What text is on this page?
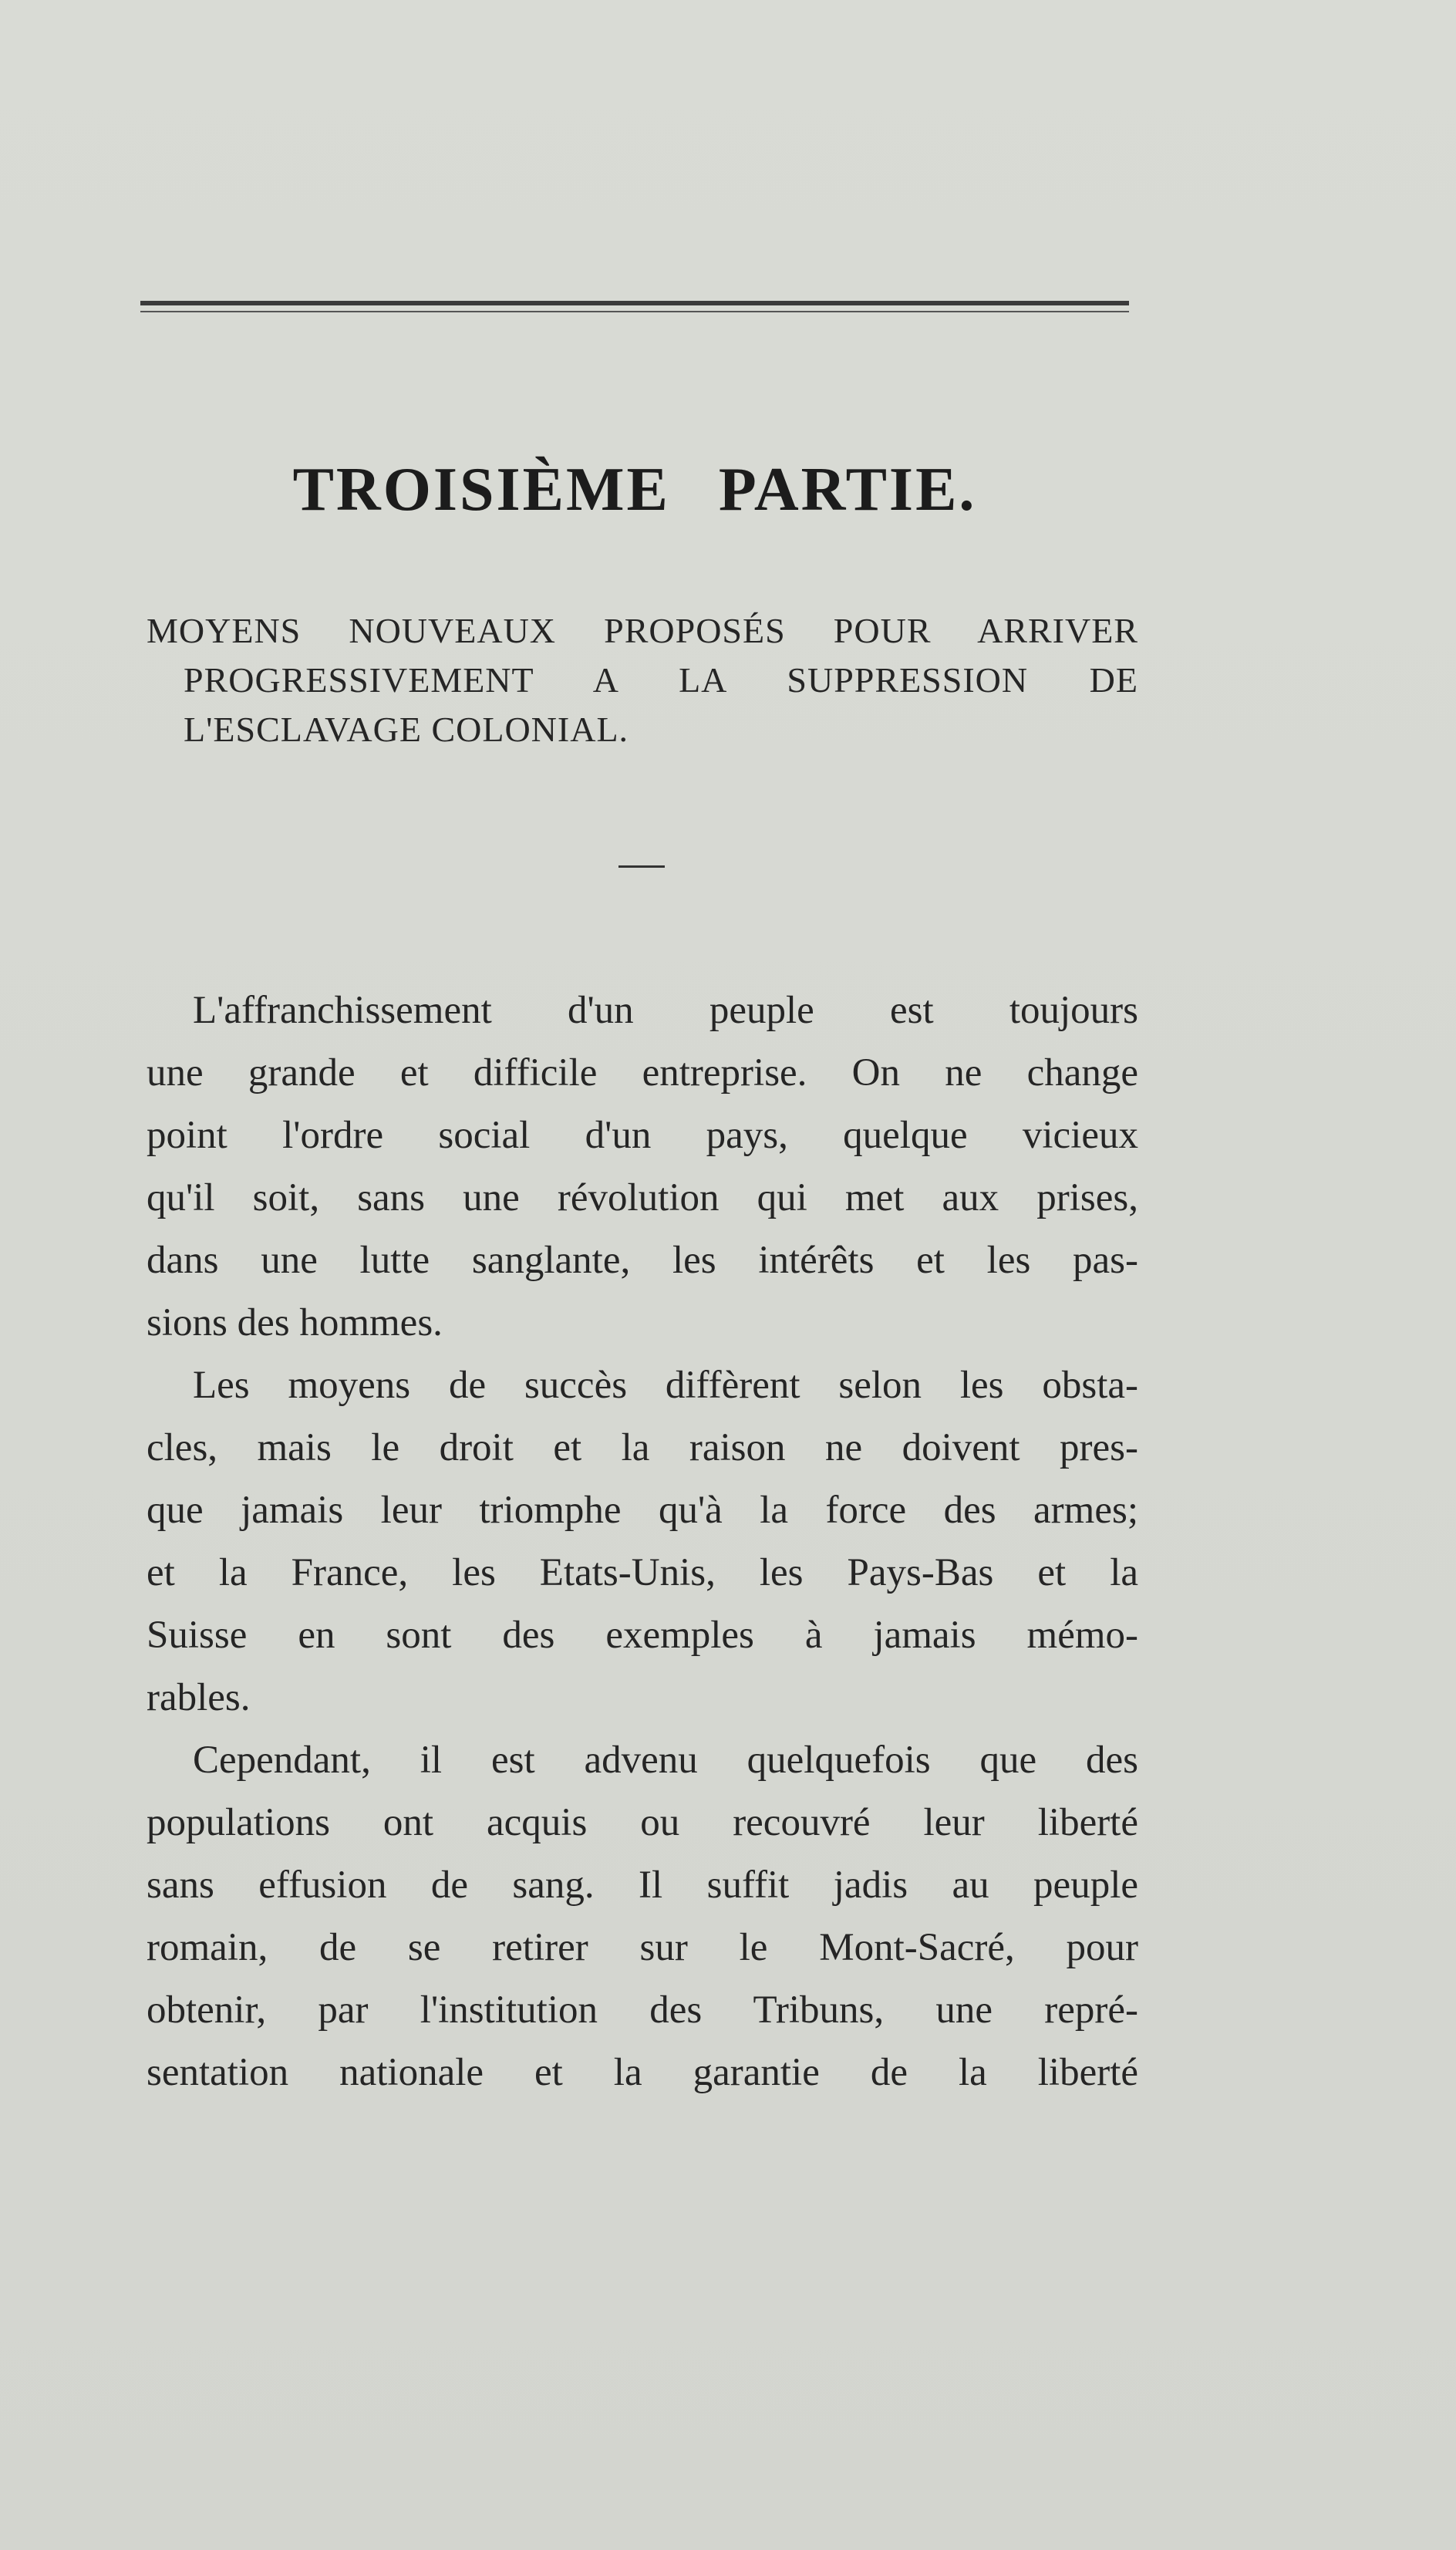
TROISIÈME PARTIE.
MOYENS NOUVEAUX PROPOSÉS POUR ARRIVER
PROGRESSIVEMENT A LA SUPPRESSION DE
L'ESCLAVAGE COLONIAL.
L'affranchissement d'un peuple est toujours
une grande et difficile entreprise. On ne change
point l'ordre social d'un pays, quelque vicieux
qu'il soit, sans une révolution qui met aux prises,
dans une lutte sanglante, les intérêts et les pas-
sions des hommes.
Les moyens de succès diffèrent selon les obsta-
cles, mais le droit et la raison ne doivent pres-
que jamais leur triomphe qu'à la force des armes;
et la France, les Etats-Unis, les Pays-Bas et la
Suisse en sont des exemples à jamais mémo-
rables.
Cependant, il est advenu quelquefois que des
populations ont acquis ou recouvré leur liberté
sans effusion de sang. Il suffit jadis au peuple
romain, de se retirer sur le Mont-Sacré, pour
obtenir, par l'institution des Tribuns, une repré-
sentation nationale et la garantie de la liberté
